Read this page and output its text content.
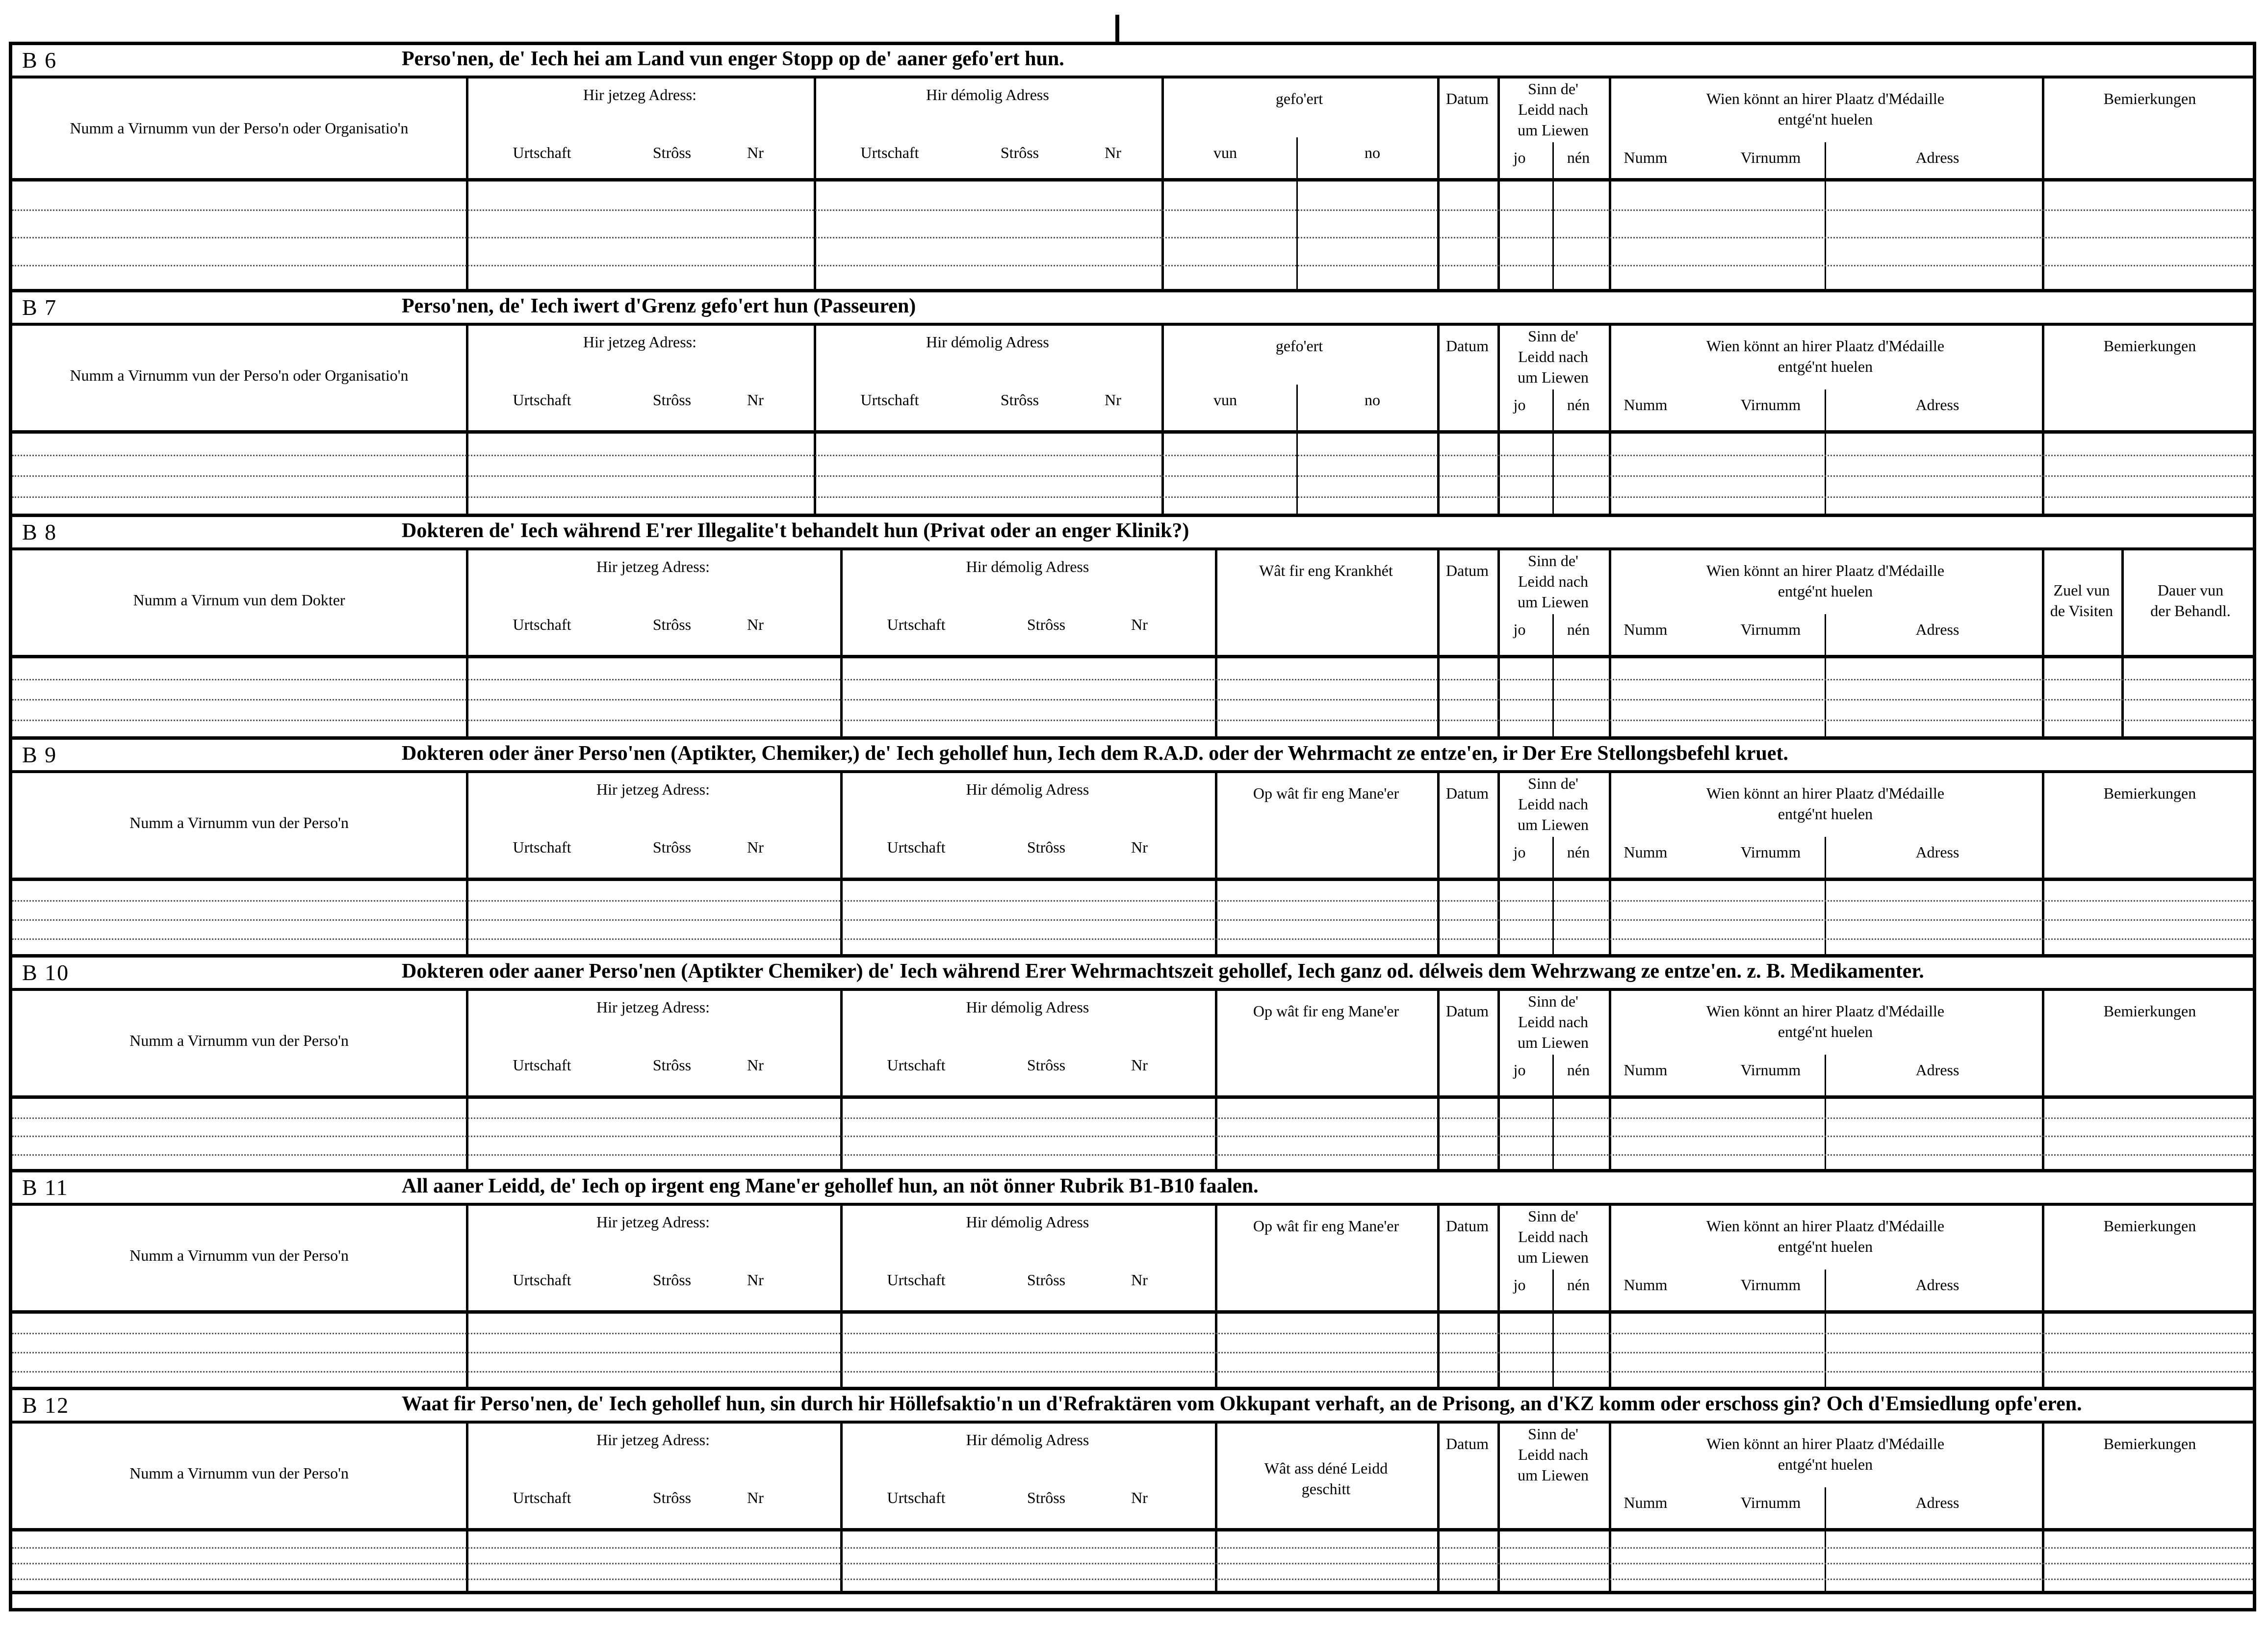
B 6	Perso'nen, de' Iech hei am Land vun enger Stopp op de' aaner gefo'ert hun.
Numm a Virnumm vun der Perso'n oder Organisatio'n
Hir jetzeg Adress:
Urtschaft	Strôss	Nr
Hir démolig Adress
Urtschaft	Strôss	Nr
gefo'ert
vun	no
Datum
Sinn de'
Leidd nach
um Liewen
jo	nén
Wien könnt an hirer Plaatz d'Médaille
entgé'nt huelen
Numm	Virnumm	Adress
Bemierkungen
B 7	Perso'nen, de' Iech iwert d'Grenz gefo'ert hun (Passeuren)
Numm a Virnumm vun der Perso'n oder Organisatio'n
Hir jetzeg Adress:
Urtschaft	Strôss	Nr
Hir démolig Adress
Urtschaft	Strôss	Nr
gefo'ert
vun	no
Datum
Sinn de'
Leidd nach
um Liewen
jo	nén
Wien könnt an hirer Plaatz d'Médaille
entgé'nt huelen
Numm	Virnumm	Adress
Bemierkungen
B 8	Dokteren de' Iech während E'rer Illegalite't behandelt hun (Privat oder an enger Klinik?)
Numm a Virnum vun dem Dokter
Hir jetzeg Adress:
Urtschaft	Strôss	Nr
Hir démolig Adress
Urtschaft	Strôss	Nr
Wât fir eng Krankhét	Datum
Sinn de'
Leidd nach
um Liewen
jo	nén
Wien könnt an hirer Plaatz d'Médaille
entgé'nt huelen
Numm	Virnumm	Adress
Zuel vun
de Visiten
Dauer vun
der Behandl.
B 9	Dokteren oder äner Perso'nen (Aptikter, Chemiker,) de' Iech gehollef hun, Iech dem R.A.D. oder der Wehrmacht ze entze'en, ir Der Ere Stellongsbefehl kruet.
Numm a Virnumm vun der Perso'n
Hir jetzeg Adress:
Urtschaft	Strôss	Nr
Hir démolig Adress
Urtschaft	Strôss	Nr
Op wât fir eng Mane'er	Datum
Sinn de'
Leidd nach
um Liewen
jo	nén
Wien könnt an hirer Plaatz d'Médaille
entgé'nt huelen
Numm	Virnumm	Adress
Bemierkungen
B 10	Dokteren oder aaner Perso'nen (Aptikter Chemiker) de' Iech während Erer Wehrmachtszeit gehollef, Iech ganz od. délweis dem Wehrzwang ze entze'en. z. B. Medikamenter.
Numm a Virnumm vun der Perso'n
Hir jetzeg Adress:
Urtschaft	Strôss	Nr
Hir démolig Adress
Urtschaft	Strôss	Nr
Op wât fir eng Mane'er	Datum
Sinn de'
Leidd nach
um Liewen
jo	nén
Wien könnt an hirer Plaatz d'Médaille
entgé'nt huelen
Numm	Virnumm	Adress
Bemierkungen
B 11	All aaner Leidd, de' Iech op irgent eng Mane'er gehollef hun, an nöt önner Rubrik B1-B10 faalen.
Numm a Virnumm vun der Perso'n
Hir jetzeg Adress:
Urtschaft	Strôss	Nr
Hir démolig Adress
Urtschaft	Strôss	Nr
Op wât fir eng Mane'er	Datum
Sinn de'
Leidd nach
um Liewen
jo	nén
Wien könnt an hirer Plaatz d'Médaille
entgé'nt huelen
Numm	Virnumm	Adress
Bemierkungen
B 12	Waat fir Perso'nen, de' Iech gehollef hun, sin durch hir Höllefsaktio'n un d'Refraktären vom Okkupant verhaft, an de Prisong, an d'KZ komm oder erschoss gin? Och d'Emsiedlung opfe'eren.
Numm a Virnumm vun der Perso'n
Hir jetzeg Adress:
Urtschaft	Strôss	Nr
Hir démolig Adress
Urtschaft	Strôss	Nr
Wât ass déné Leidd
geschitt
Datum
Sinn de'
Leidd nach
um Liewen
Wien könnt an hirer Plaatz d'Médaille
entgé'nt huelen
Numm	Virnumm	Adress
Bemierkungen
